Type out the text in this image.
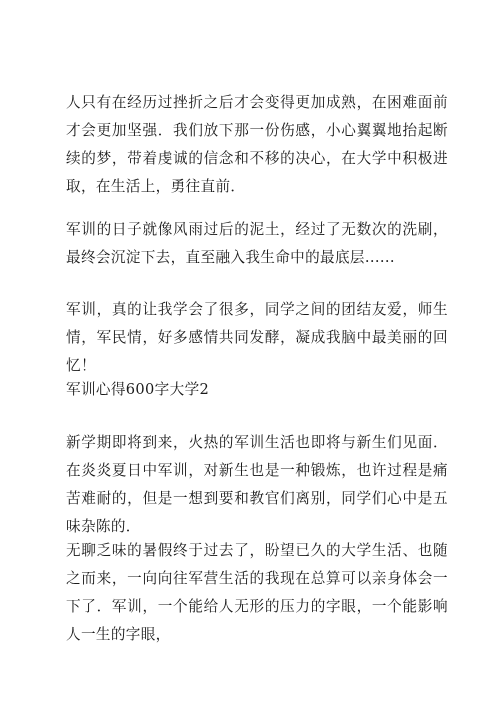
人只有在经历过挫折之后才会变得更加成熟，在困难面前才会更加坚强．我们放下那一份伤感，小心翼翼地抬起断续的梦，带着虔诚的信念和不移的决心，在大学中积极进取，在生活上，勇往直前．

军训的日子就像风雨过后的泥土，经过了无数次的洗刷，最终会沉淀下去，直至融入我生命中的最底层......

军训，真的让我学会了很多，同学之间的团结友爱，师生情，军民情，好多感情共同发酵，凝成我脑中最美丽的回忆！

军训心得600字大学2

新学期即将到来，火热的军训生活也即将与新生们见面．在炎炎夏日中军训，对新生也是一种锻炼，也许过程是痛苦难耐的，但是一想到要和教官们离别，同学们心中是五味杂陈的．

无聊乏味的暑假终于过去了，盼望已久的大学生活、也随之而来，一向向往军营生活的我现在总算可以亲身体会一下了．军训，一个能给人无形的压力的字眼，一个能影响人一生的字眼，
